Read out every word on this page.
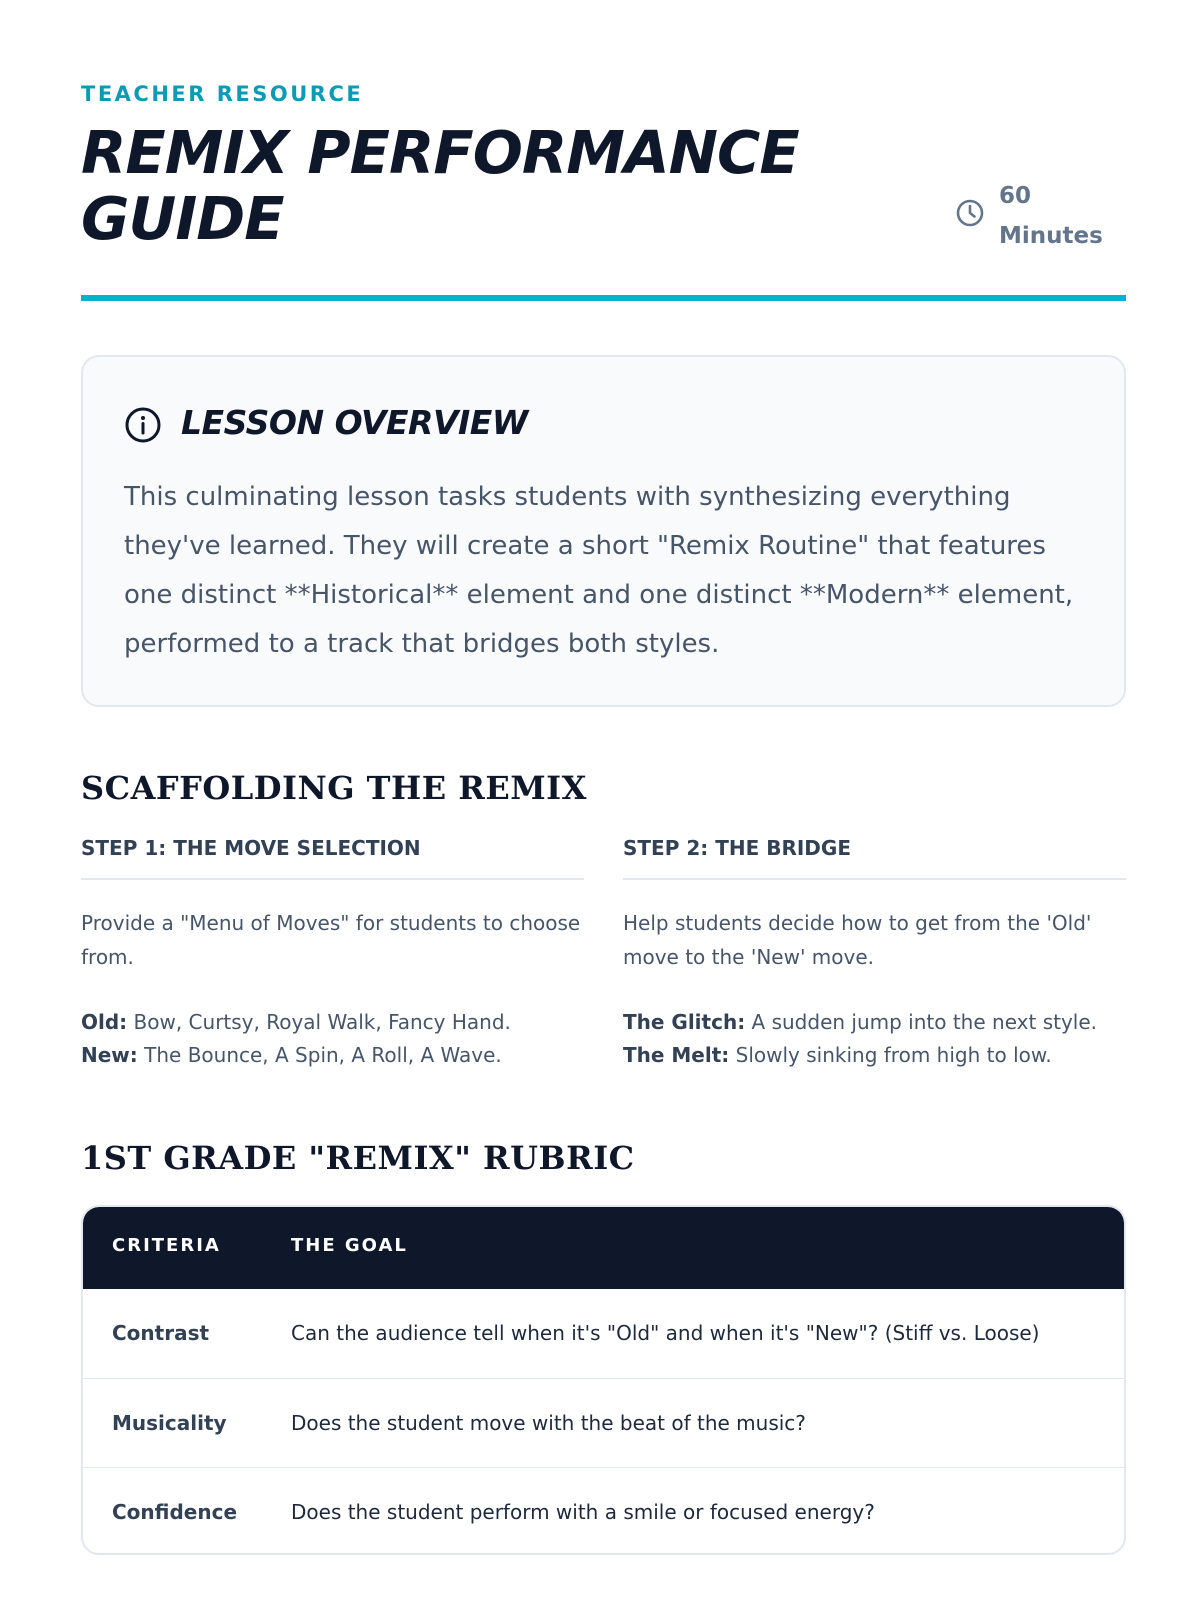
TEACHER RESOURCE
REMIX PERFORMANCE
GUIDE	60
Minutes
LESSON OVERVIEW
This culminating lesson tasks students with synthesizing everything they've learned. They will create a short "Remix Routine" that features one distinct **Historical** element and one distinct **Modern** element, performed to a track that bridges both styles.
SCAFFOLDING THE REMIX
STEP 1: THE MOVE SELECTION
Provide a "Menu of Moves" for students to choose from.
Old: Bow, Curtsy, Royal Walk, Fancy Hand.
New: The Bounce, A Spin, A Roll, A Wave.
STEP 2: THE BRIDGE
Help students decide how to get from the 'Old' move to the 'New' move.
The Glitch: A sudden jump into the next style.
The Melt: Slowly sinking from high to low.
1ST GRADE "REMIX" RUBRIC
CRITERIA	THE GOAL
Contrast	Can the audience tell when it's "Old" and when it's "New"? (Stiff vs. Loose)
Musicality	Does the student move with the beat of the music?
Confidence	Does the student perform with a smile or focused energy?
